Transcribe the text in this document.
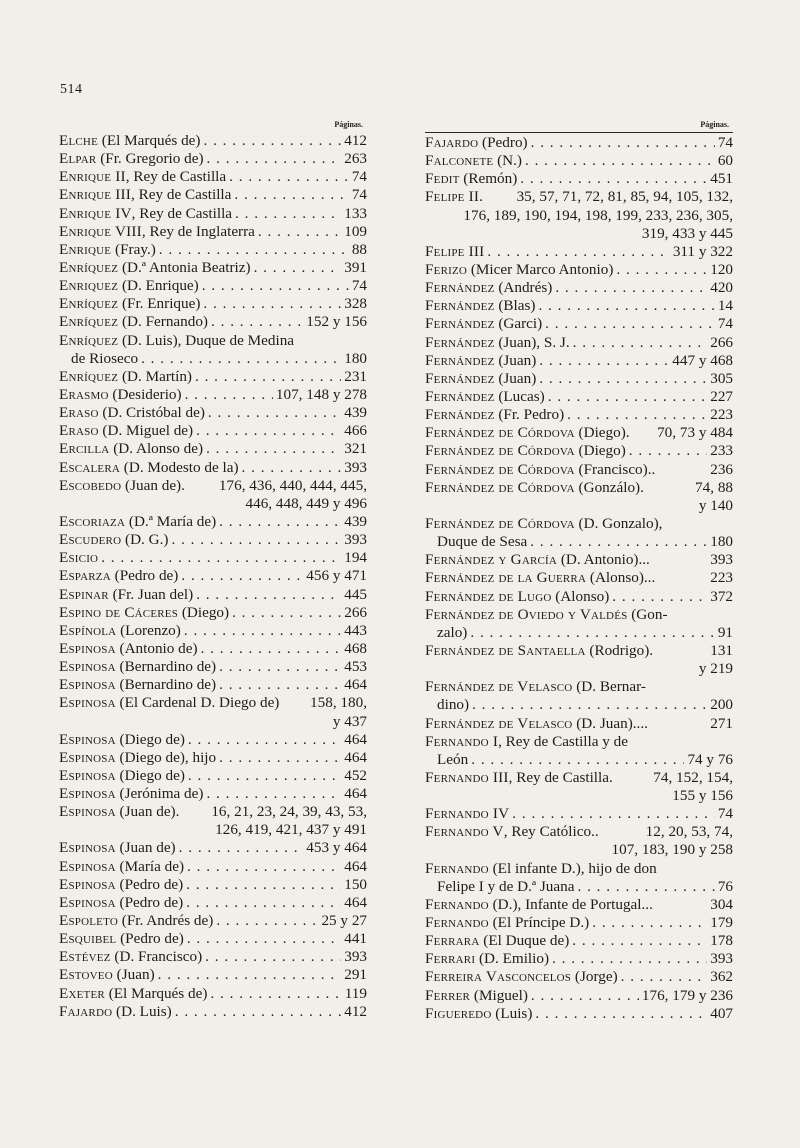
514
Páginas.
Elche (El Marqués de) . . .	412
Elpar (Fr. Gregorio de) . . .	263
Enrique II, Rey de Castilla . . .	74
Enrique III, Rey de Castilla . . .	74
Enrique IV, Rey de Castilla . . .	133
Enrique VIII, Rey de Inglaterra . . .	109
Enrique (Fray.) . . .	88
Enríquez (D.ª Antonia Beatriz) . . .	391
Enriquez (D. Enrique) . . .	74
Enríquez (Fr. Enrique) . . .	328
Enríquez (D. Fernando) . . .	152 y 156
Enríquez (D. Luis), Duque de Medina
de Rioseco . . .	180
Enríquez (D. Martín) . . .	231
Erasmo (Desiderio) . . .	107, 148 y 278
Eraso (D. Cristóbal de) . . .	439
Eraso (D. Miguel de) . . .	466
Ercilla (D. Alonso de) . . .	321
Escalera (D. Modesto de la) . . .	393
Escobedo (Juan de). 176, 436, 440, 444, 445,
446, 448, 449 y 496
Escoriaza (D.ª María de) . . .	439
Escudero (D. G.) . . .	393
Esicio . . .	194
Esparza (Pedro de) . . .	456 y 471
Espinar (Fr. Juan del) . . .	445
Espino de Cáceres (Diego) . . .	266
Espínola (Lorenzo) . . .	443
Espinosa (Antonio de) . . .	468
Espinosa (Bernardino de) . . .	453
Espinosa (Bernardino de) . . .	464
Espinosa (El Cardenal D. Diego de) 158, 180,
y 437
Espinosa (Diego de) . . .	464
Espinosa (Diego de), hijo . . .	464
Espinosa (Diego de) . . .	452
Espinosa (Jerónima de) . . .	464
Espinosa (Juan de). 16, 21, 23, 24, 39, 43, 53,
126, 419, 421, 437 y 491
Espinosa (Juan de) . . .	453 y 464
Espinosa (María de) . . .	464
Espinosa (Pedro de) . . .	150
Espinosa (Pedro de) . . .	464
Espoleto (Fr. Andrés de) . . .	25 y 27
Esquibel (Pedro de) . . .	441
Estévez (D. Francisco) . . .	393
Estoveo (Juan) . . .	291
Exeter (El Marqués de) . . .	119
Fajardo (D. Luis) . . .	412
Páginas.
Fajardo (Pedro) . . .	74
Falconete (N.) . . .	60
Fedit (Remón) . . .	451
Felipe II. 35, 57, 71, 72, 81, 85, 94, 105, 132,
176, 189, 190, 194, 198, 199, 233, 236, 305,
319, 433 y 445
Felipe III . . .	311 y 322
Ferizo (Micer Marco Antonio) . . .	120
Fernández (Andrés) . . .	420
Fernández (Blas) . . .	14
Fernández (Garci) . . .	74
Fernández (Juan), S. J. . . .	266
Fernández (Juan) . . .	447 y 468
Fernández (Juan) . . .	305
Fernández (Lucas) . . .	227
Fernández (Fr. Pedro) . . .	223
Fernández de Córdova (Diego). 70, 73 y 484
Fernández de Córdova (Diego) . . .	233
Fernández de Córdova (Francisco)..	236
Fernández de Córdova (Gonzálo).	74, 88
y 140
Fernández de Córdova (D. Gonzalo),
Duque de Sesa . . .	180
Fernández y García (D. Antonio)...	393
Fernández de la Guerra (Alonso)...	223
Fernández de Lugo (Alonso) . . .	372
Fernández de Oviedo y Valdés (Gon-
zalo) . . .	91
Fernández de Santaella (Rodrigo).	131
y 219
Fernández de Velasco (D. Bernar-
dino) . . .	200
Fernández de Velasco (D. Juan)....	271
Fernando I, Rey de Castilla y de
León . . .	74 y 76
Fernando III, Rey de Castilla.	74, 152, 154,
155 y 156
Fernando IV . . .	74
Fernando V, Rey Católico..	12, 20, 53, 74,
107, 183, 190 y 258
Fernando (El infante D.), hijo de don
Felipe I y de D.ª Juana . . .	76
Fernando (D.), Infante de Portugal...	304
Fernando (El Príncipe D.) . . .	179
Ferrara (El Duque de) . . .	178
Ferrari (D. Emilio) . . .	393
Ferreira Vasconcelos (Jorge) . . .	362
Ferrer (Miguel) . . .	176, 179 y 236
Figueredo (Luis) . . .	407
